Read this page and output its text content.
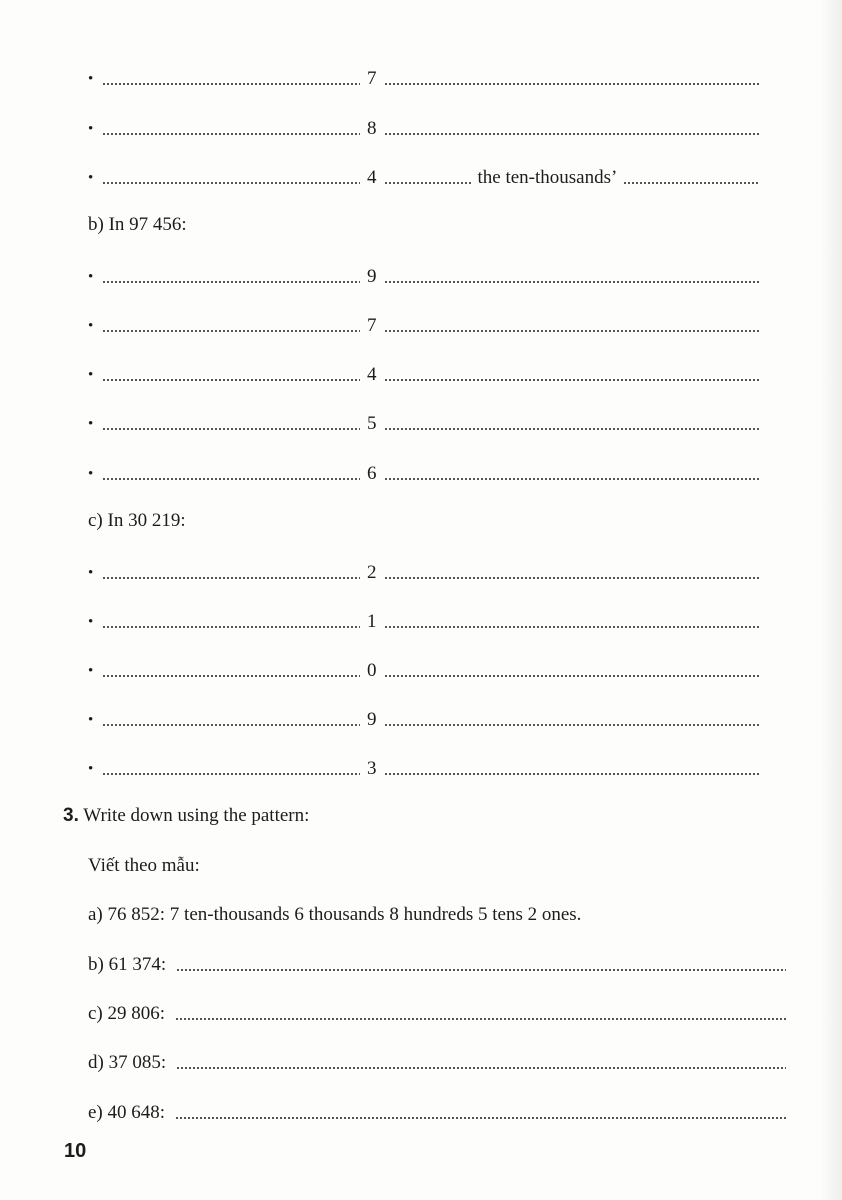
•	7
•	8
•	4	the ten-thousands’
b) In 97 456:
•	9
•	7
•	4
•	5
•	6
c) In 30 219:
•	2
•	1
•	0
•	9
•	3
3. Write down using the pattern:
Viết theo mẫu:
a) 76 852: 7 ten-thousands 6 thousands 8 hundreds 5 tens 2 ones.
b) 61 374:
c) 29 806:
d) 37 085:
e) 40 648:
10
